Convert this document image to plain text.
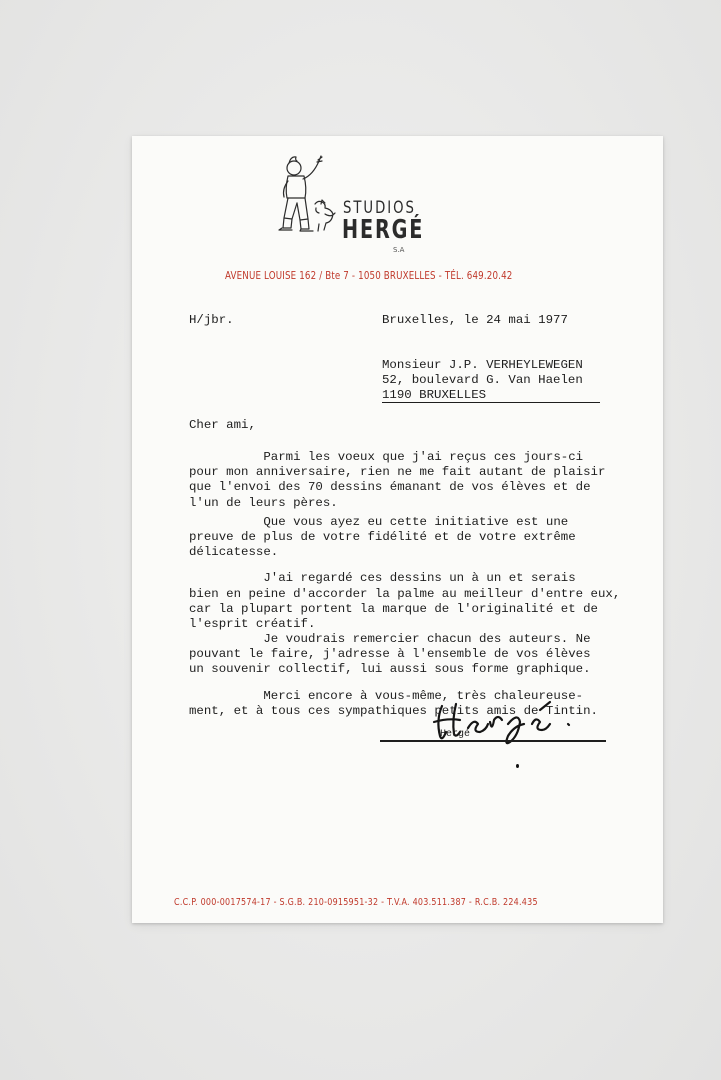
STUDIOS
HERGÉ
S.A
AVENUE LOUISE 162 / Bte 7 - 1050 BRUXELLES - TÉL. 649.20.42
H/jbr.	Bruxelles, le 24 mai 1977
Monsieur J.P. VERHEYLEWEGEN
52, boulevard G. Van Haelen
1190 BRUXELLES
Cher ami,
Parmi les voeux que j'ai reçus ces jours-ci
pour mon anniversaire, rien ne me fait autant de plaisir
que l'envoi des 70 dessins émanant de vos élèves et de
l'un de leurs pères.
Que vous ayez eu cette initiative est une
preuve de plus de votre fidélité et de votre extrême
délicatesse.
J'ai regardé ces dessins un à un et serais
bien en peine d'accorder la palme au meilleur d'entre eux,
car la plupart portent la marque de l'originalité et de
l'esprit créatif.
Je voudrais remercier chacun des auteurs. Ne
pouvant le faire, j'adresse à l'ensemble de vos élèves
un souvenir collectif, lui aussi sous forme graphique.
Merci encore à vous-même, très chaleureuse-
ment, et à tous ces sympathiques petits amis de Tintin.
Hergé
C.C.P. 000-0017574-17 - S.G.B. 210-0915951-32 - T.V.A. 403.511.387 - R.C.B. 224.435
